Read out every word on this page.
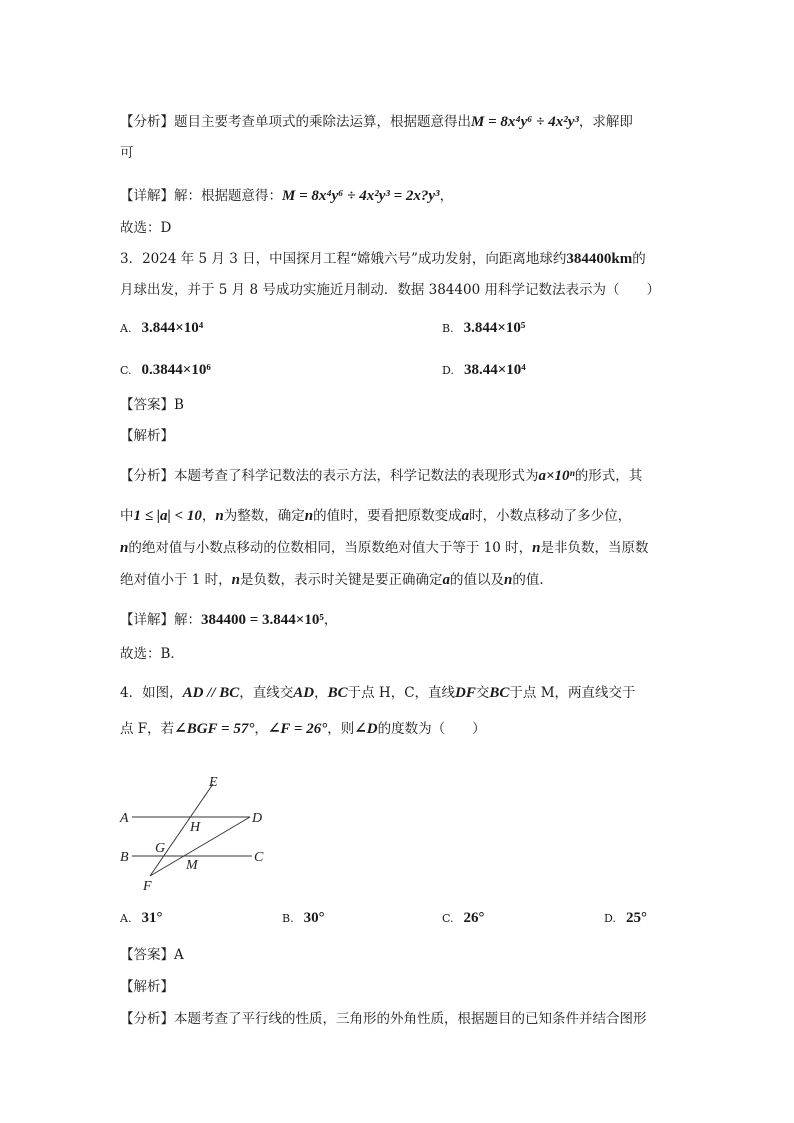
【分析】题目主要考查单项式的乘除法运算，根据题意得出M = 8x⁴y⁶ ÷ 4x²y³，求解即
可
【详解】解：根据题意得：M = 8x⁴y⁶ ÷ 4x²y³ = 2x?y³，
故选：D
3．2024 年 5 月 3 日，中国探月工程“嫦娥六号”成功发射，向距离地球约384400km的
月球出发，并于 5 月 8 号成功实施近月制动．数据 384400 用科学记数法表示为（　　）
A. 3.844×10⁴	B. 3.844×10⁵
C. 0.3844×10⁶	D. 38.44×10⁴
【答案】B
【解析】
【分析】本题考查了科学记数法的表示方法，科学记数法的表现形式为a×10ⁿ的形式，其
中1 ≤ |a| < 10，n为整数，确定n的值时，要看把原数变成a时，小数点移动了多少位，
n的绝对值与小数点移动的位数相同，当原数绝对值大于等于 10 时，n是非负数，当原数
绝对值小于 1 时，n是负数，表示时关键是要正确确定a的值以及n的值．
【详解】解：384400 = 3.844×10⁵，
故选：B．
4．如图，AD // BC，直线交AD，BC于点 H，C，直线DF交BC于点 M，两直线交于
点 F，若∠BGF = 57°，∠F = 26°，则∠D的度数为（　　）
E
A
H
D
G
B
M
C
F
A. 31°	B. 30°	C. 26°	D. 25°
【答案】A
【解析】
【分析】本题考查了平行线的性质，三角形的外角性质，根据题目的已知条件并结合图形
